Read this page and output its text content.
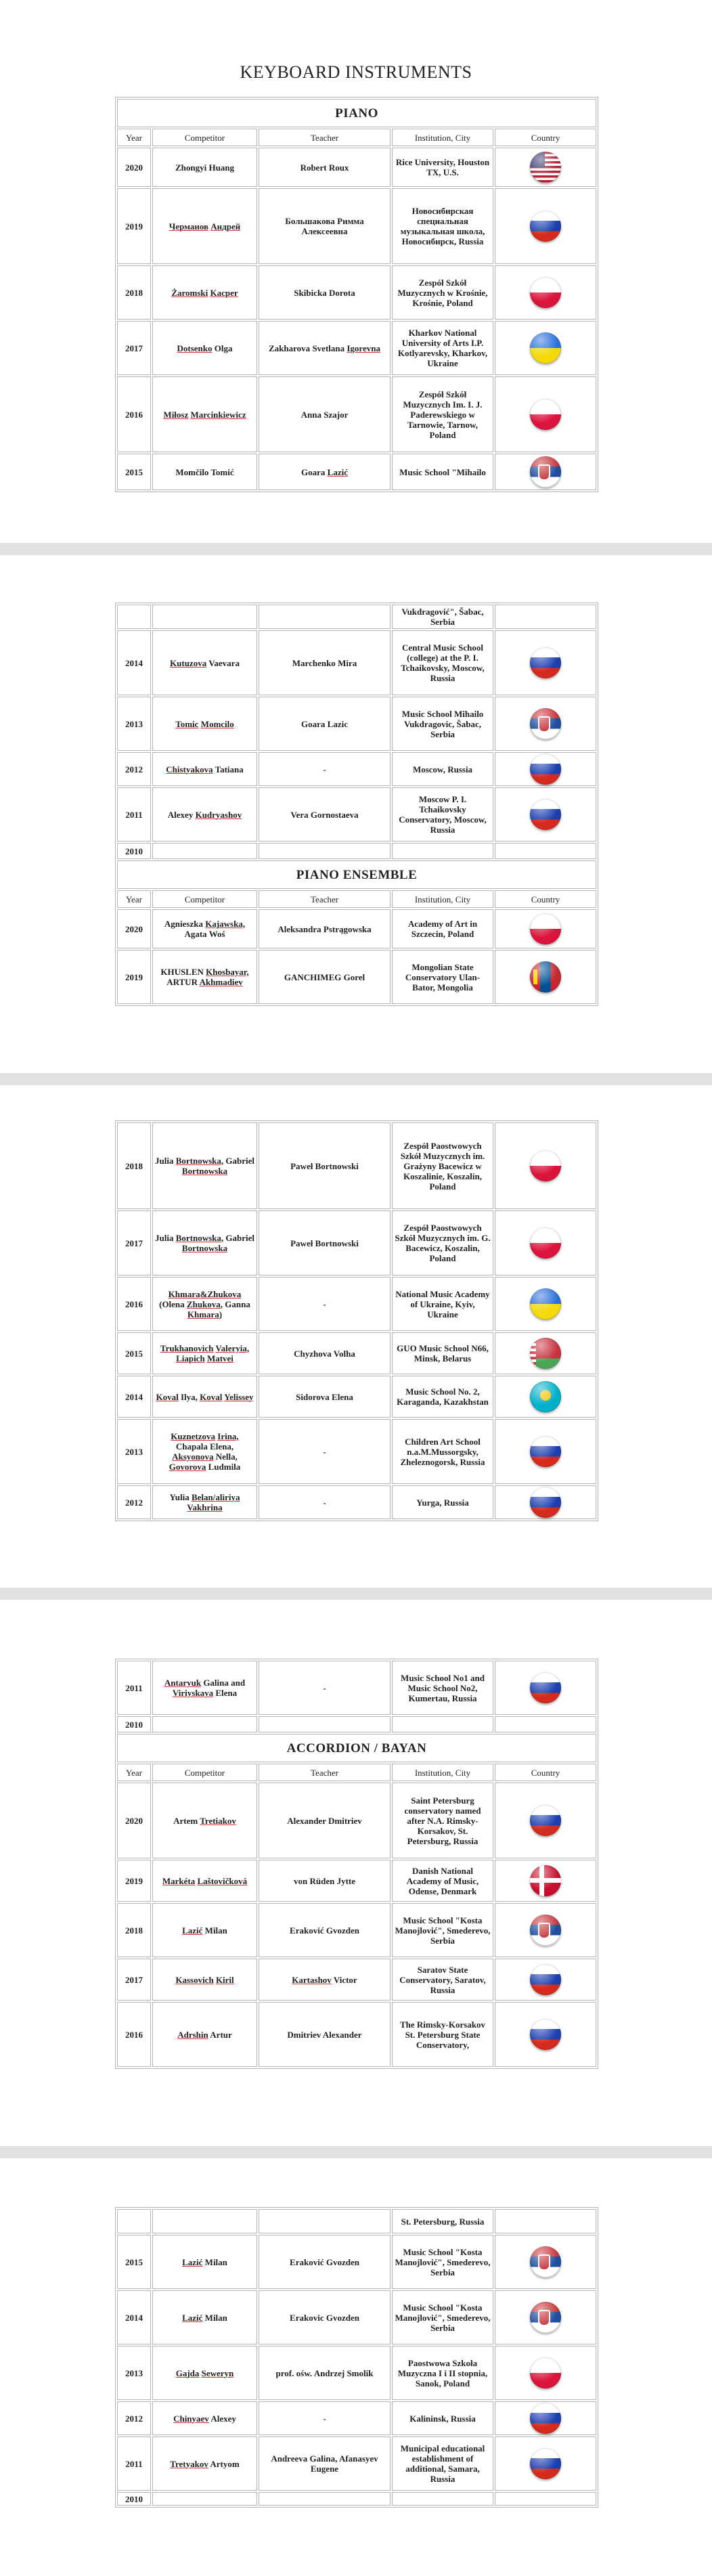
KEYBOARD INSTRUMENTS
PIANO				
Year	Competitor	Teacher	Institution, City	Country
2020	Zhongyi Huang	Robert Roux	Rice University, Houston TX, U.S.	

2019	Черманов Андрей	Большакова Римма Алексеевна	Новосибирская специальная музыкальная школа, Новосибирск, Russia	
2018	Żaromski Kacper	Skibicka Dorota	Zespół Szkół Muzycznych w Krośnie, Krośnie, Poland	
2017	Dotsenko Olga	Zakharova Svetlana Igorevna	Kharkov National University of Arts I.P. Kotlyarevsky, Kharkov, Ukraine	
2016	Miłosz Marcinkiewicz	Anna Szajor	Zespół Szkół Muzycznych Im. I. J. Paderewskiego w Tarnowie, Tarnow, Poland	
2015	Momčilo Tomić	Goara Lazić	Music School "Mihailo	
			Vukdragović", Šabac, Serbia	
2014	Kutuzova Vaevara	Marchenko Mira	Central Music School (college) at the P. I. Tchaikovsky, Moscow, Russia	
2013	Tomic Momcilo	Goara Lazic	Music School Mihailo Vukdragovic, Šabac, Serbia	

2012	Chistyakova Tatiana	-	Moscow, Russia	
2011	Alexey Kudryashov	Vera Gornostaeva	Moscow P. I. Tchaikovsky Conservatory, Moscow, Russia	
2010				
PIANO ENSEMBLE				
Year	Competitor	Teacher	Institution, City	Country
2020	Agnieszka Kajawska, Agata Woś	Aleksandra Pstrągowska	Academy of Art in Szczecin, Poland	
2019	KHUSLEN Khosbayar, ARTUR Akhmadiev	GANCHIMEG Gorel	Mongolian State Conservatory Ulan-Bator, Mongolia	
2018	Julia Bortnowska, Gabriel Bortnowska	Paweł Bortnowski	Zespół Paostwowych Szkół Muzycznych im. Grażyny Bacewicz w Koszalinie, Koszalin, Poland	
2017	Julia Bortnowska, Gabriel Bortnowska	Paweł Bortnowski	Zespół Paostwowych Szkół Muzycznych im. G. Bacewicz, Koszalin, Poland	
2016	Khmara&Zhukova (Olena Zhukova, Ganna Khmara)	-	National Music Academy of Ukraine, Kyiv, Ukraine	
2015	Trukhanovich Valeryia, Liapich Matvei	Chyzhova Volha	GUO Music School N66, Minsk, Belarus	

2014	Koval Ilya, Koval Yelissey	Sidorova Elena	Music School No. 2, Karaganda, Kazakhstan	

2013	Kuznetzova Irina, Chapala Elena, Aksyonova Nella, Govorova Ludmila	-	Children Art School n.a.M.Mussorgsky, Zheleznogorsk, Russia	
2012	Yulia Belan/aliriya Vakhrina	-	Yurga, Russia	
2011	Antaryuk Galina and Viriyskaya Elena	-	Music School No1 and Music School No2, Kumertau, Russia	
2010				
ACCORDION / BAYAN				
Year	Competitor	Teacher	Institution, City	Country
2020	Artem Tretiakov	Alexander Dmitriev	Saint Petersburg conservatory named after N.A. Rimsky-Korsakov, St. Petersburg, Russia	
2019	Markéta Laštovičková	von Rüden Jytte	Danish National Academy of Music, Odense, Denmark	

2018	Lazić Milan	Eraković Gvozden	Music School "Kosta Manojlović", Smederevo, Serbia	

2017	Kassovich Kiril	Kartashov Victor	Saratov State Conservatory, Saratov, Russia	
2016	Adrshin Artur	Dmitriev Alexander	The Rimsky-Korsakov St. Petersburg State Conservatory,	
			St. Petersburg, Russia	
2015	Lazić Milan	Eraković Gvozden	Music School "Kosta Manojlović", Smederevo, Serbia	

2014	Lazić Milan	Erakovic Gvozden	Music School "Kosta Manojlović", Smederevo, Serbia	

2013	Gajda Seweryn	prof. ośw. Andrzej Smolik	Paostwowa Szkoła Muzyczna I i II stopnia, Sanok, Poland	
2012	Chinyaev Alexey	-	Kalininsk, Russia	
2011	Tretyakov Artyom	Andreeva Galina, Afanasyev Eugene	Municipal educational establishment of additional, Samara, Russia	
2010				
